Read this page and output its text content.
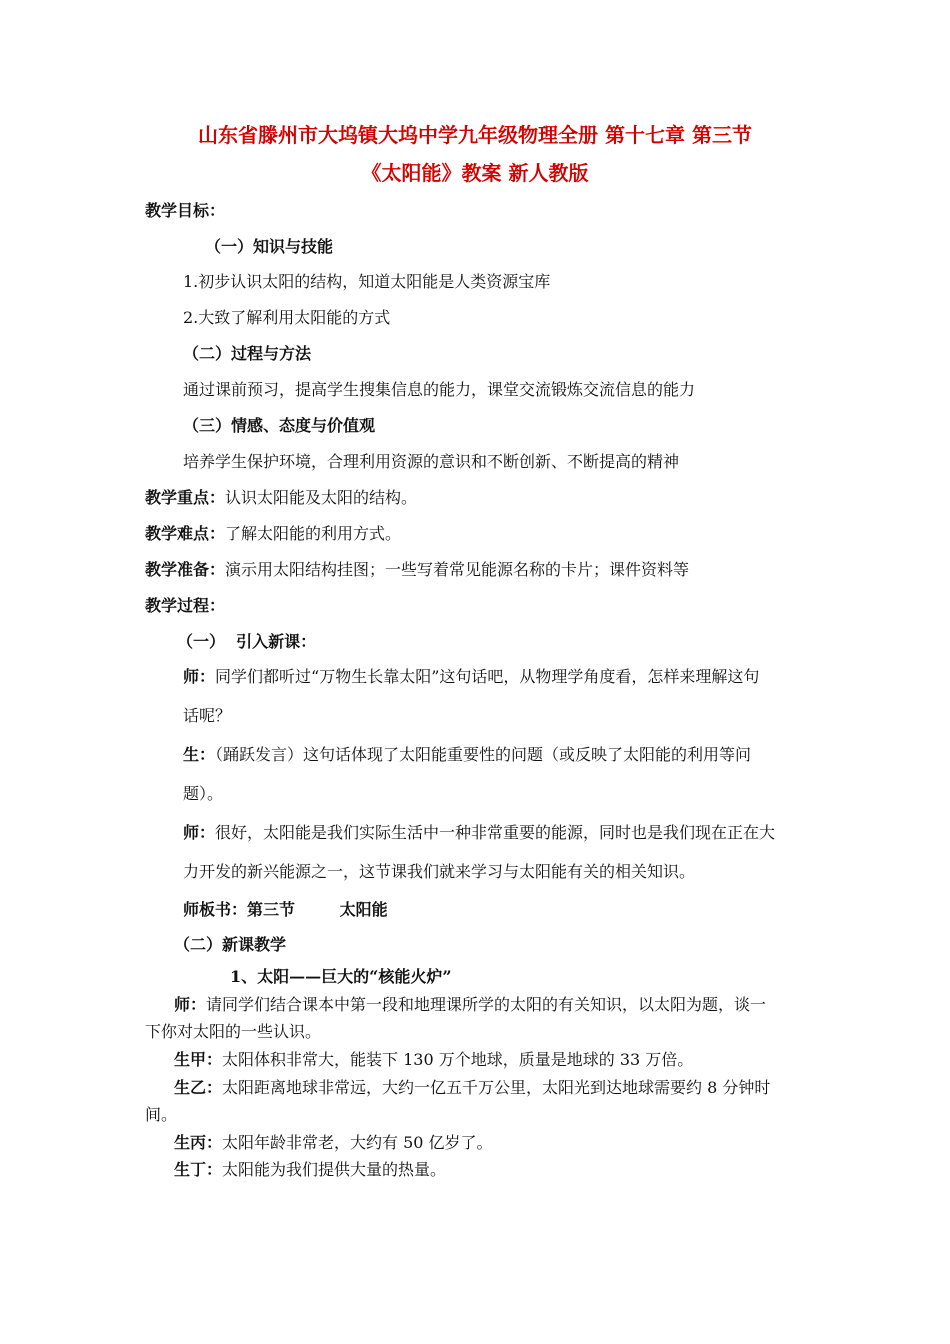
山东省滕州市大坞镇大坞中学九年级物理全册 第十七章 第三节
《太阳能》教案 新人教版
教学目标：
（一）知识与技能
1.初步认识太阳的结构，知道太阳能是人类资源宝库
2.大致了解利用太阳能的方式
（二）过程与方法
通过课前预习，提高学生搜集信息的能力，课堂交流锻炼交流信息的能力
（三）情感、态度与价值观
培养学生保护环境，合理利用资源的意识和不断创新、不断提高的精神
教学重点：认识太阳能及太阳的结构。
教学难点：了解太阳能的利用方式。
教学准备：演示用太阳结构挂图；一些写着常见能源名称的卡片；课件资料等
教学过程：
（一）  引入新课：
师：同学们都听过“万物生长靠太阳”这句话吧，从物理学角度看，怎样来理解这句
话呢？
生：（踊跃发言）这句话体现了太阳能重要性的问题（或反映了太阳能的利用等问
题）。
师：很好，太阳能是我们实际生活中一种非常重要的能源，同时也是我们现在正在大
力开发的新兴能源之一，这节课我们就来学习与太阳能有关的相关知识。
师板书：第三节        太阳能
（二）新课教学
1、太阳——巨大的“核能火炉”
师：请同学们结合课本中第一段和地理课所学的太阳的有关知识，以太阳为题，谈一
下你对太阳的一些认识。
生甲：太阳体积非常大，能装下 130 万个地球，质量是地球的 33 万倍。
生乙：太阳距离地球非常远，大约一亿五千万公里，太阳光到达地球需要约 8 分钟时
间。
生丙：太阳年龄非常老，大约有 50 亿岁了。
生丁：太阳能为我们提供大量的热量。
